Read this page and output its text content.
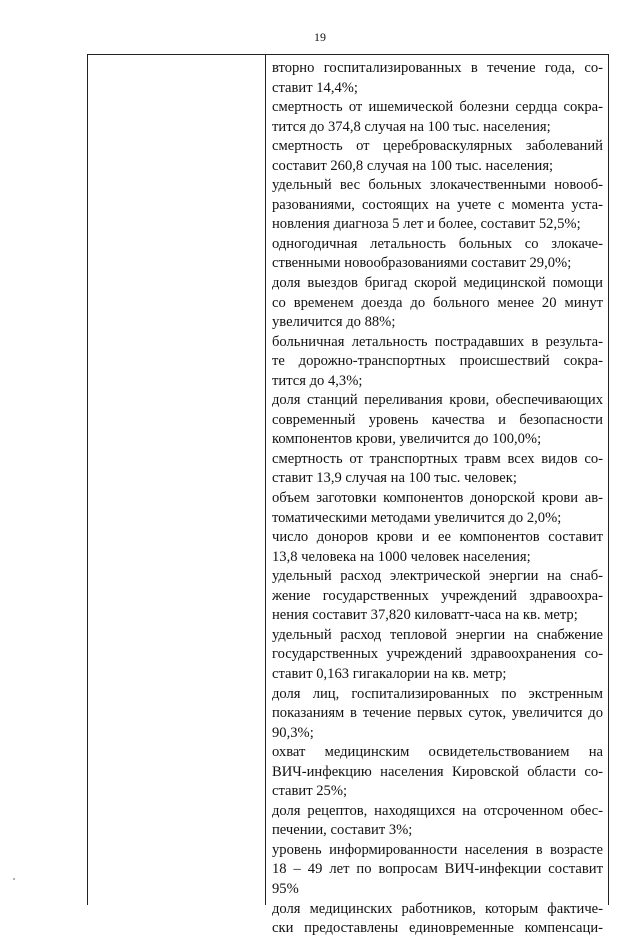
19
вторно госпитализированных в течение года, со-
ставит 14,4%;
смертность от ишемической болезни сердца сокра-
тится до 374,8 случая на 100 тыс. населения;
смертность от цереброваскулярных заболеваний
составит 260,8 случая на 100 тыс. населения;
удельный вес больных злокачественными новооб-
разованиями, состоящих на учете с момента уста-
новления диагноза 5 лет и более, составит 52,5%;
одногодичная летальность больных со злокаче-
ственными новообразованиями составит 29,0%;
доля выездов бригад скорой медицинской помощи
со временем доезда до больного менее 20 минут
увеличится до 88%;
больничная летальность пострадавших в результа-
те дорожно-транспортных происшествий сокра-
тится до 4,3%;
доля станций переливания крови, обеспечивающих
современный уровень качества и безопасности
компонентов крови, увеличится до 100,0%;
смертность от транспортных травм всех видов со-
ставит 13,9 случая на 100 тыс. человек;
объем заготовки компонентов донорской крови ав-
томатическими методами увеличится до 2,0%;
число доноров крови и ее компонентов составит
13,8 человека на 1000 человек населения;
удельный расход электрической энергии на снаб-
жение государственных учреждений здравоохра-
нения составит 37,820 киловатт-часа на кв. метр;
удельный расход тепловой энергии на снабжение
государственных учреждений здравоохранения со-
ставит 0,163 гигакалории на кв. метр;
доля лиц, госпитализированных по экстренным
показаниям в течение первых суток, увеличится до
90,3%;
охват медицинским освидетельствованием на
ВИЧ-инфекцию населения Кировской области со-
ставит 25%;
доля рецептов, находящихся на отсроченном обес-
печении, составит 3%;
уровень информированности населения в возрасте
18 – 49 лет по вопросам ВИЧ-инфекции составит
95%
доля медицинских работников, которым фактиче-
ски предоставлены единовременные компенсаци-
